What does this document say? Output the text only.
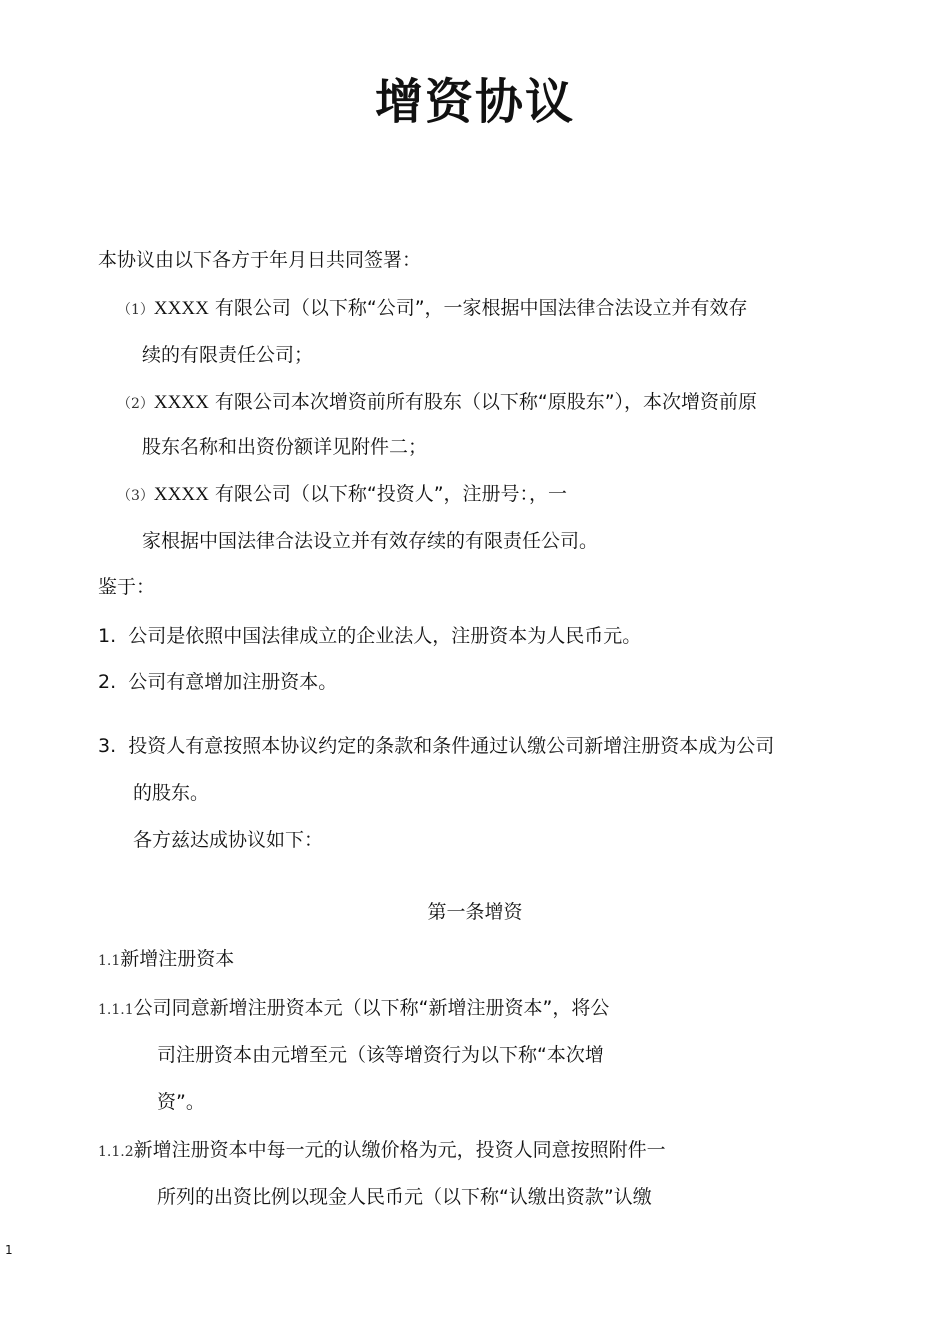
增资协议
本协议由以下各方于年月日共同签署：
（1）XXXX 有限公司（以下称“公司”，一家根据中国法律合法设立并有效存
续的有限责任公司；
（2）XXXX 有限公司本次增资前所有股东（以下称“原股东”），本次增资前原
股东名称和出资份额详见附件二；
（3）XXXX 有限公司（以下称“投资人”，注册号：，一
家根据中国法律合法设立并有效存续的有限责任公司。
鉴于：
1. 公司是依照中国法律成立的企业法人，注册资本为人民币元。
2. 公司有意增加注册资本。
3. 投资人有意按照本协议约定的条款和条件通过认缴公司新增注册资本成为公司
的股东。
各方兹达成协议如下：
第一条增资
1.1新增注册资本
1.1.1公司同意新增注册资本元（以下称“新增注册资本”，将公
司注册资本由元增至元（该等增资行为以下称“本次增
资”。
1.1.2新增注册资本中每一元的认缴价格为元，投资人同意按照附件一
所列的出资比例以现金人民币元（以下称“认缴出资款”认缴
1
